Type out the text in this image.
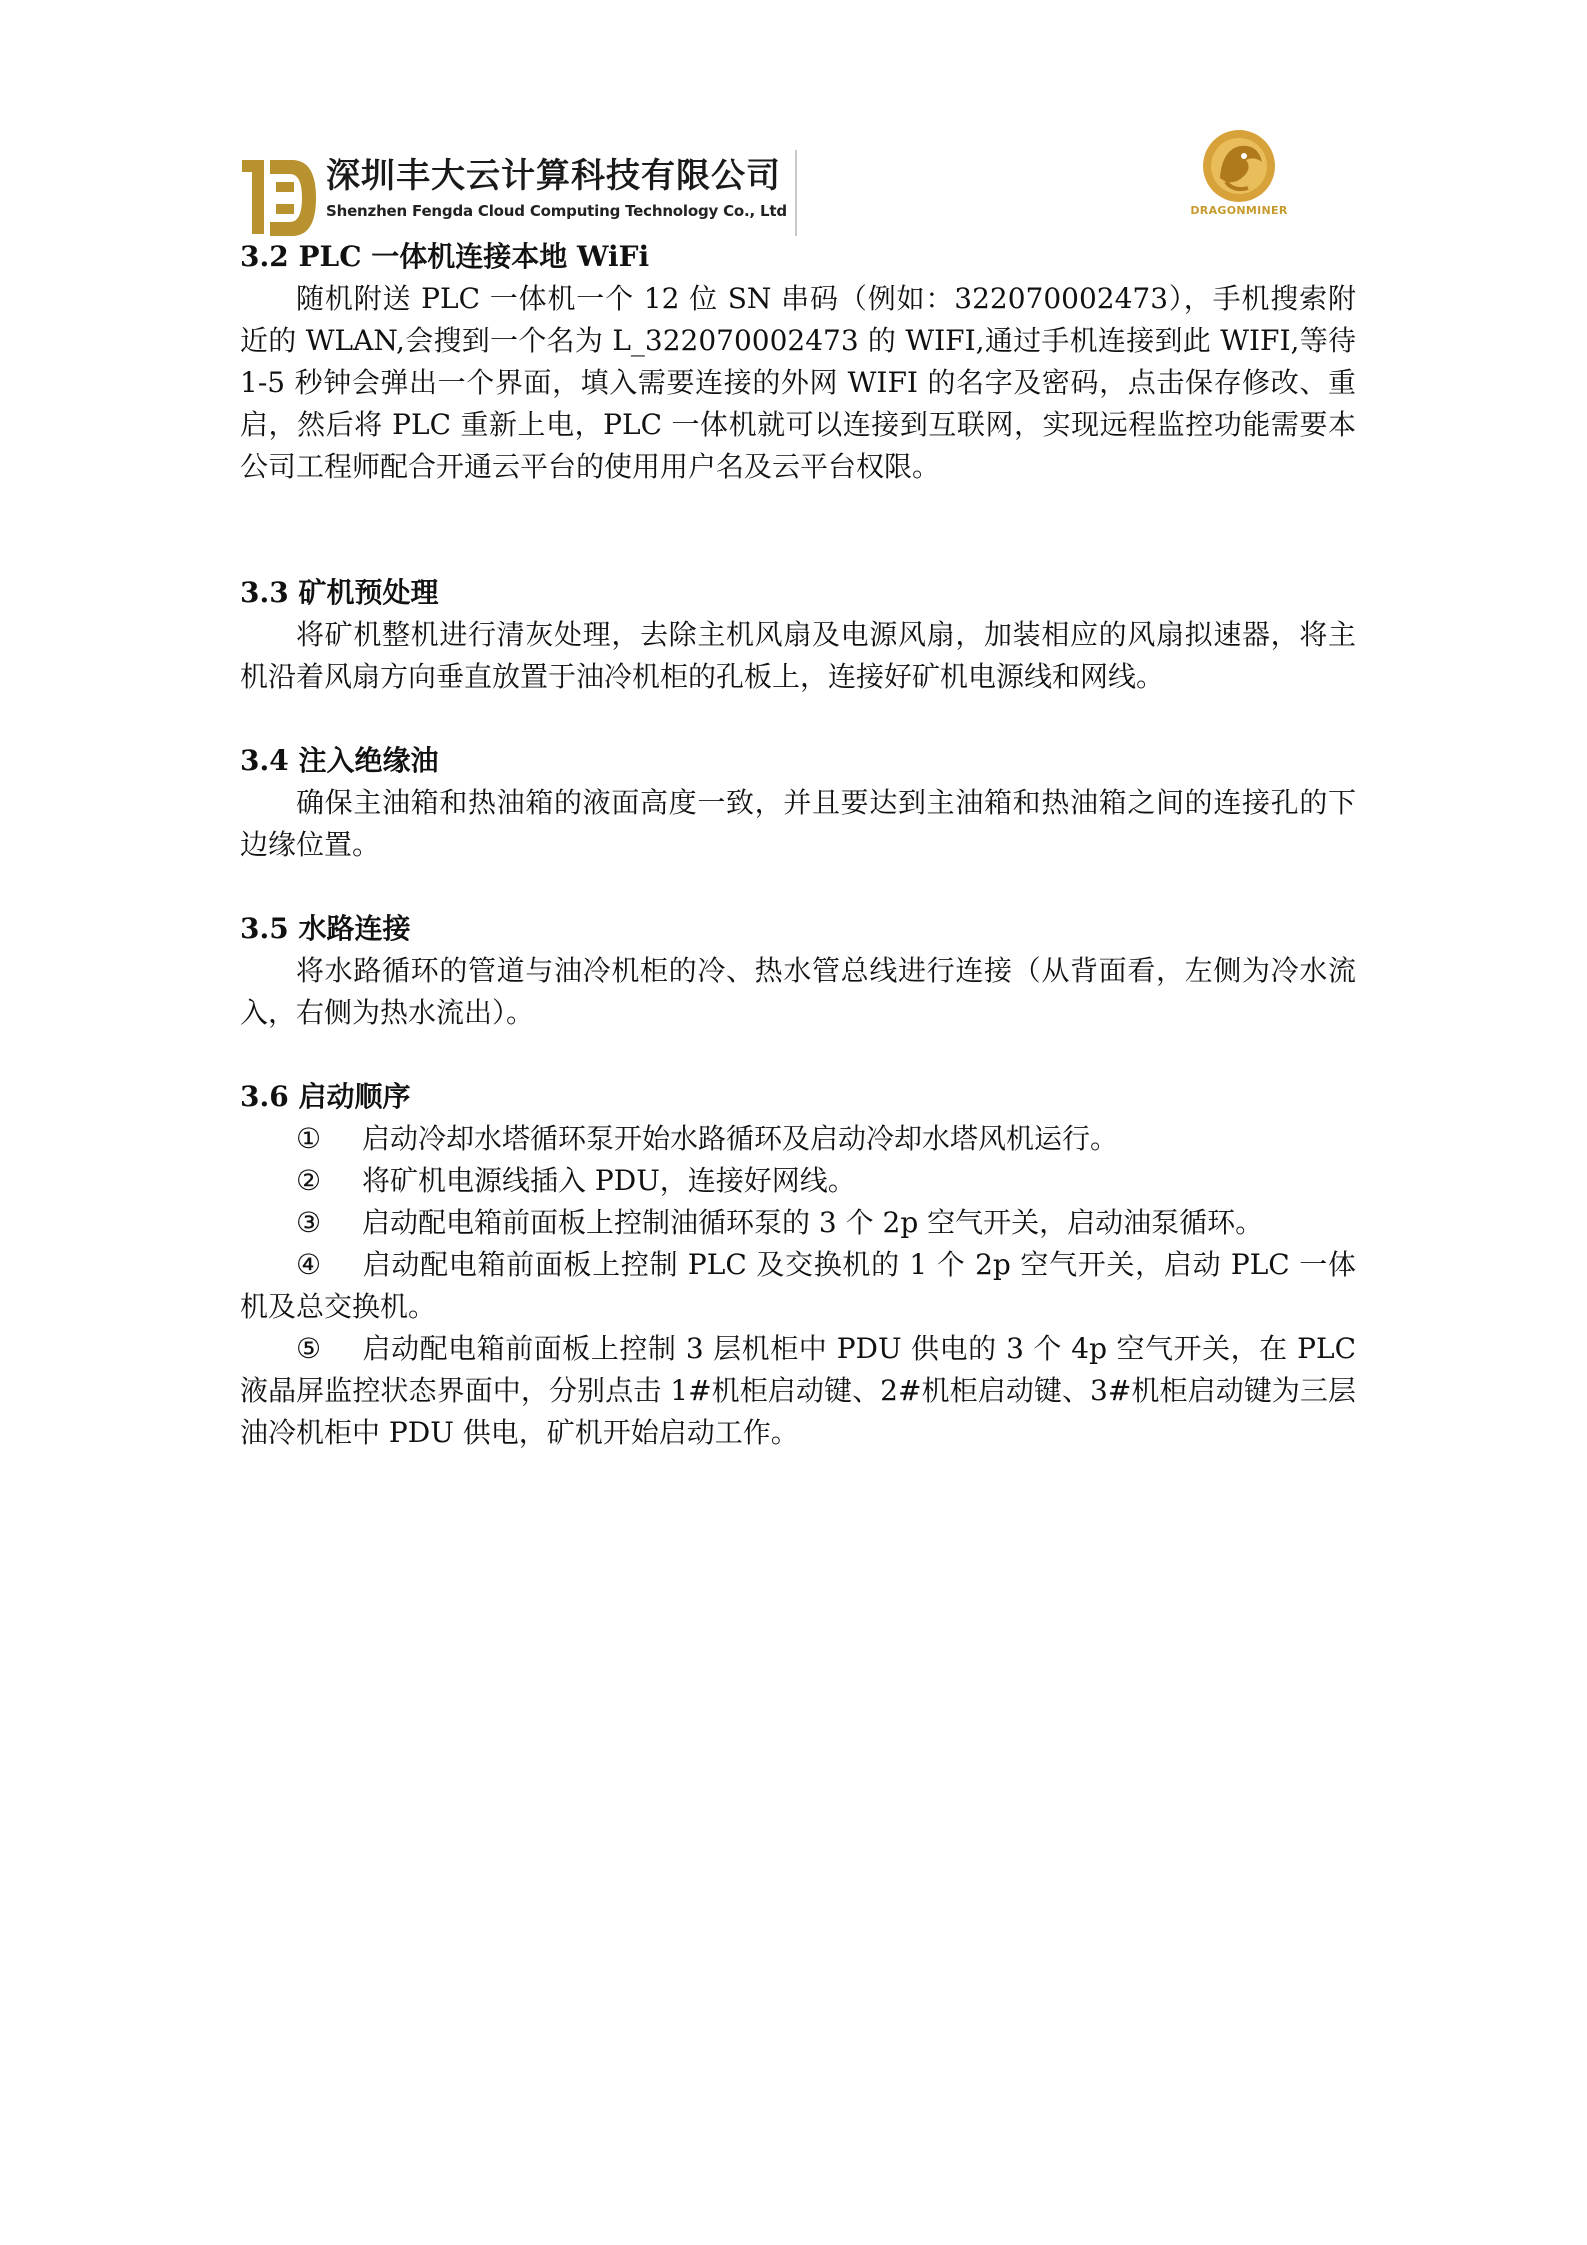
深圳丰大云计算科技有限公司
Shenzhen Fengda Cloud Computing Technology Co., Ltd	DRAGONMINER

3.2 PLC 一体机连接本地 WiFi

随机附送 PLC 一体机一个 12 位 SN 串码（例如：322070002473），手机搜索附近的 WLAN,会搜到一个名为 L_322070002473 的 WIFI,通过手机连接到此 WIFI,等待 1-5 秒钟会弹出一个界面，填入需要连接的外网 WIFI 的名字及密码，点击保存修改、重启，然后将 PLC 重新上电，PLC 一体机就可以连接到互联网，实现远程监控功能需要本公司工程师配合开通云平台的使用用户名及云平台权限。

3.3 矿机预处理

将矿机整机进行清灰处理，去除主机风扇及电源风扇，加装相应的风扇拟速器，将主机沿着风扇方向垂直放置于油冷机柜的孔板上，连接好矿机电源线和网线。

3.4 注入绝缘油

确保主油箱和热油箱的液面高度一致，并且要达到主油箱和热油箱之间的连接孔的下边缘位置。

3.5 水路连接

将水路循环的管道与油冷机柜的冷、热水管总线进行连接（从背面看，左侧为冷水流入，右侧为热水流出）。

3.6 启动顺序

① 启动冷却水塔循环泵开始水路循环及启动冷却水塔风机运行。

② 将矿机电源线插入 PDU，连接好网线。

③ 启动配电箱前面板上控制油循环泵的 3 个 2p 空气开关，启动油泵循环。

④ 启动配电箱前面板上控制 PLC 及交换机的 1 个 2p 空气开关，启动 PLC 一体机及总交换机。

⑤ 启动配电箱前面板上控制 3 层机柜中 PDU 供电的 3 个 4p 空气开关，在 PLC 液晶屏监控状态界面中，分别点击 1#机柜启动键、2#机柜启动键、3#机柜启动键为三层油冷机柜中 PDU 供电，矿机开始启动工作。
